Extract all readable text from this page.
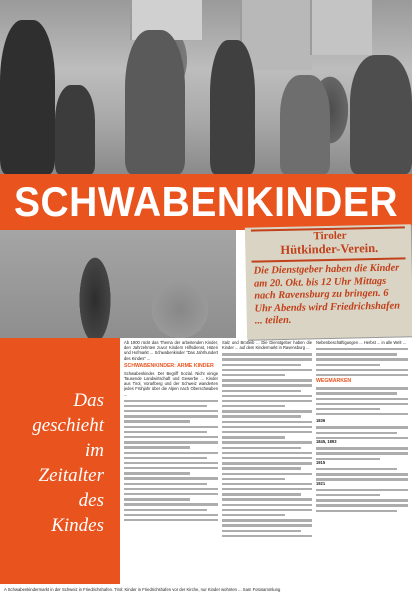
SCHWABENKINDER
Tiroler
Hütkinder-Verein.
Die Dienstgeber haben die Kinder am 20. Okt. bis 12 Uhr Mittags nach Ravensburg zu bringen. 6 Uhr Abends wird Friedrichshafen ... teilen.
Das
geschieht
im
Zeitalter
des
Kindes

Ab 1900 rückt das Thema der arbeitenden Kinder, den Jahrzehnten zuvor Kindern Hilfsdienst, Hüten und Hofmarkt ... Schwabenkinder "Das Jahrhundert des Kindes" ...

SCHWABENKINDER: ARME KINDER

Schwabenkinder. Der Begriff Sozial. Nicht einige Tausende Landwirtschaft und Gewerbe ... Kinder aus Tirol, Vorarlberg und der Schweiz wanderten jedes Frühjahr über die Alpen nach Oberschwaben ...

Salz und Brotleib ... Die Dienstgeber haben die Kinder ... auf dem Kindermarkt in Ravensburg ...

Nebenbeschäftigungen ... Herbst ... in alle Welt ...

WEGMARKEN

1836

1845, 1893

1915

1921

A Schwabenkindermarkt in der Schweiz in Friedrichshafen. Tirol: Kinder in Friedrichshafen vor der Kirche, nur Kinder wohnten ... Sam Fotosammlung
